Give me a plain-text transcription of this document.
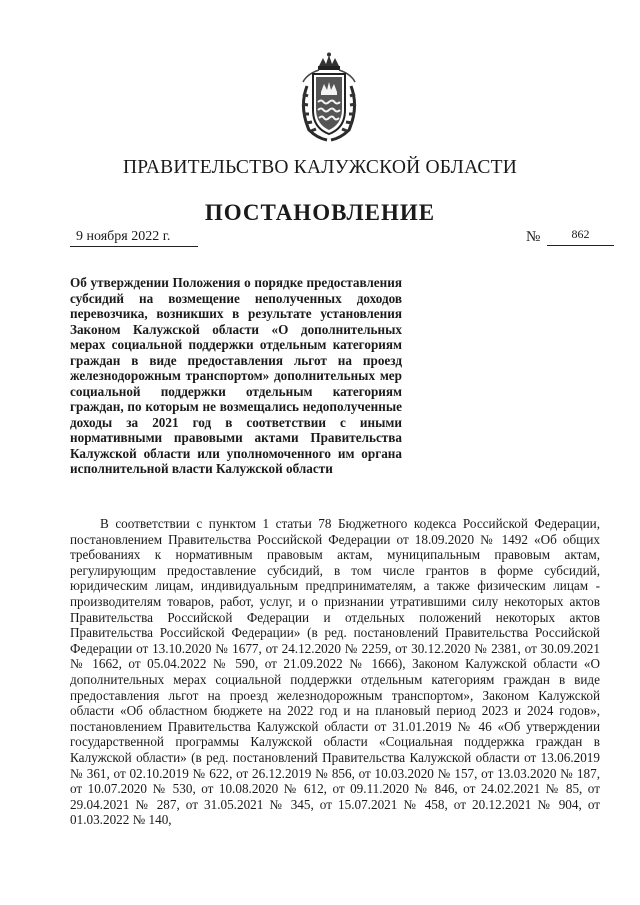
ПРАВИТЕЛЬСТВО КАЛУЖСКОЙ ОБЛАСТИ
ПОСТАНОВЛЕНИЕ
9 ноября 2022 г.	№	862

Об утверждении Положения о порядке предоставления субсидий на возмещение неполученных доходов перевозчика, возникших в результате установления Законом Калужской области «О дополнительных мерах социальной поддержки отдельным категориям граждан в виде предоставления льгот на проезд железнодорожным транспортом» дополнительных мер социальной поддержки отдельным категориям граждан, по которым не возмещались недополученные доходы за 2021 год в соответствии с иными нормативными правовыми актами Правительства Калужской области или уполномоченного им органа исполнительной власти Калужской области

В соответствии с пунктом 1 статьи 78 Бюджетного кодекса Российской Федерации, постановлением Правительства Российской Федерации от 18.09.2020 № 1492 «Об общих требованиях к нормативным правовым актам, муниципальным правовым актам, регулирующим предоставление субсидий, в том числе грантов в форме субсидий, юридическим лицам, индивидуальным предпринимателям, а также физическим лицам - производителям товаров, работ, услуг, и о признании утратившими силу некоторых актов Правительства Российской Федерации и отдельных положений некоторых актов Правительства Российской Федерации» (в ред. постановлений Правительства Российской Федерации от 13.10.2020 № 1677, от 24.12.2020 № 2259, от 30.12.2020 № 2381, от 30.09.2021 № 1662, от 05.04.2022 № 590, от 21.09.2022 № 1666), Законом Калужской области «О дополнительных мерах социальной поддержки отдельным категориям граждан в виде предоставления льгот на проезд железнодорожным транспортом», Законом Калужской области «Об областном бюджете на 2022 год и на плановый период 2023 и 2024 годов», постановлением Правительства Калужской области от 31.01.2019 № 46 «Об утверждении государственной программы Калужской области «Социальная поддержка граждан в Калужской области» (в ред. постановлений Правительства Калужской области от 13.06.2019 № 361, от 02.10.2019 № 622, от 26.12.2019 № 856, от 10.03.2020 № 157, от 13.03.2020 № 187, от 10.07.2020 № 530, от 10.08.2020 № 612, от 09.11.2020 № 846, от 24.02.2021 № 85, от 29.04.2021 № 287, от 31.05.2021 № 345, от 15.07.2021 № 458, от 20.12.2021 № 904, от 01.03.2022 № 140,
